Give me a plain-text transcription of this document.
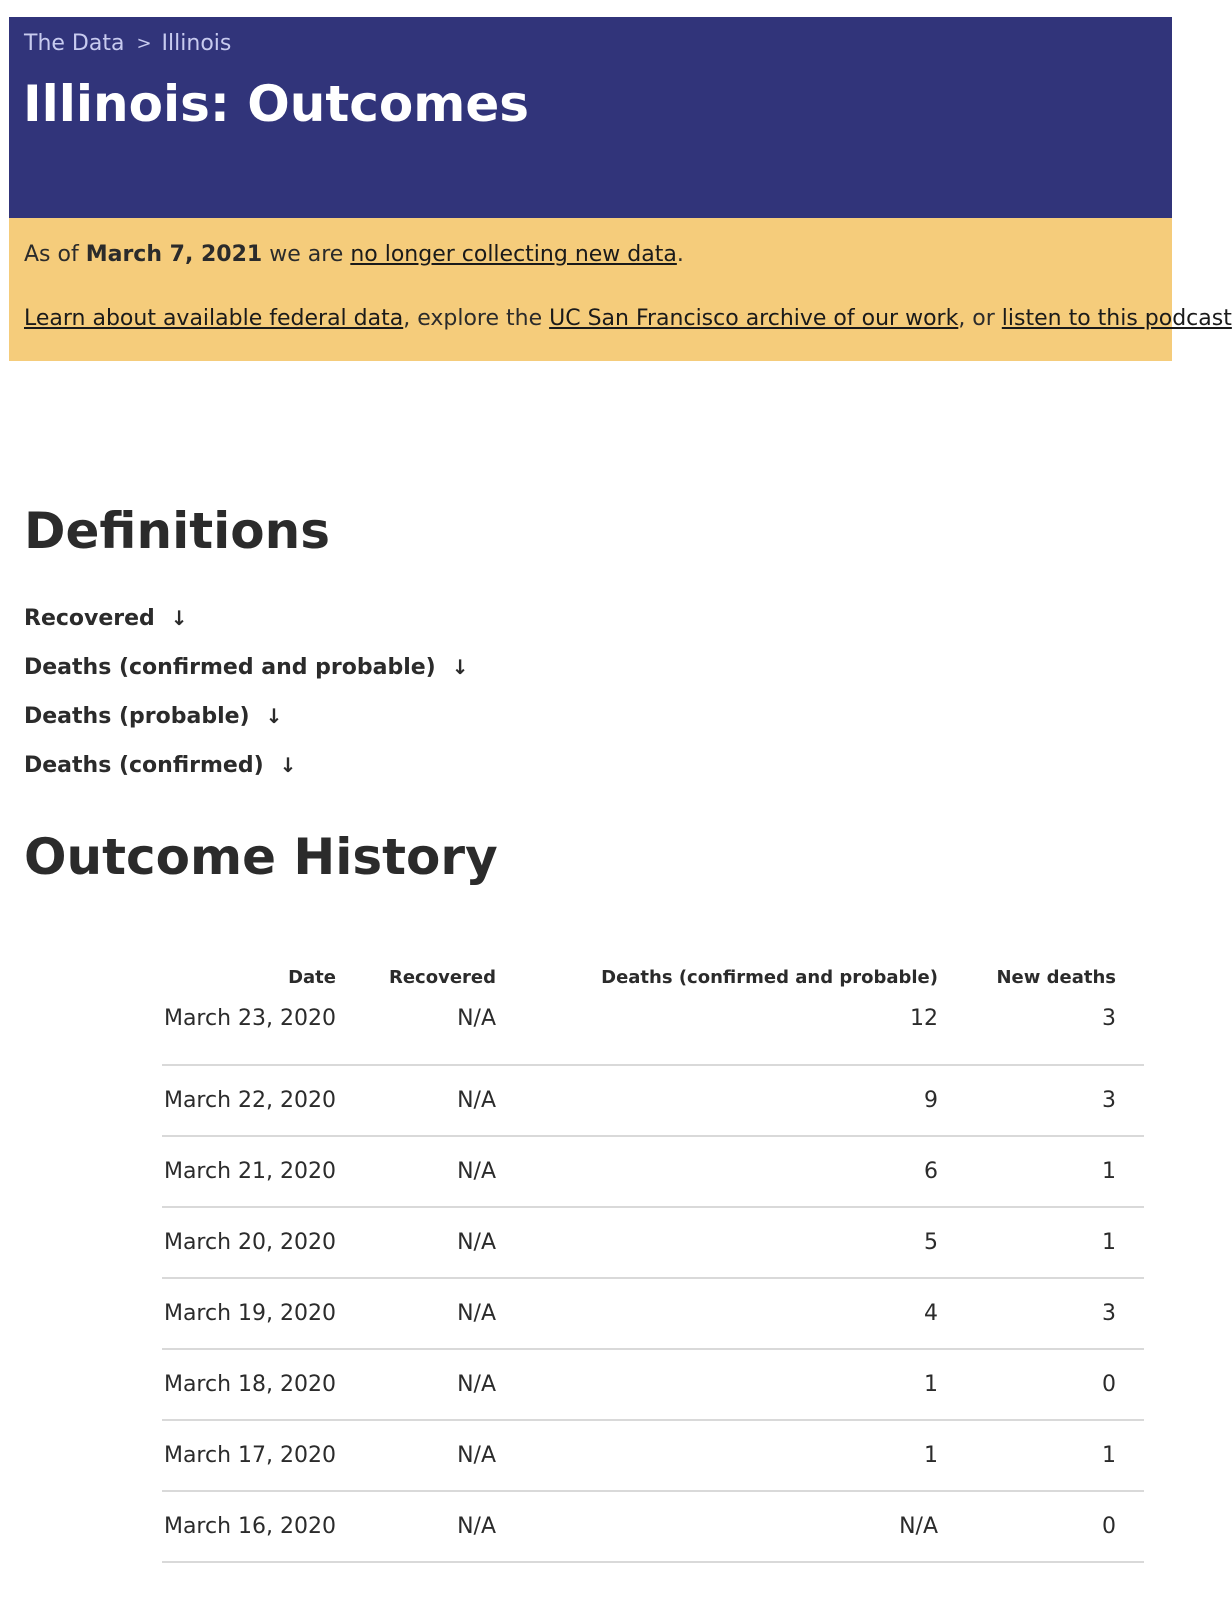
The Data > Illinois
Illinois: Outcomes
As of March 7, 2021 we are no longer collecting new data.
Learn about available federal data, explore the UC San Francisco archive of our work, or listen to this podcast
Definitions
Recovered ↓
Deaths (confirmed and probable) ↓
Deaths (probable) ↓
Deaths (confirmed) ↓
Outcome History
Date	Recovered	Deaths (confirmed and probable)	New deaths
March 23, 2020	N/A	12	3
March 22, 2020	N/A	9	3
March 21, 2020	N/A	6	1
March 20, 2020	N/A	5	1
March 19, 2020	N/A	4	3
March 18, 2020	N/A	1	0
March 17, 2020	N/A	1	1
March 16, 2020	N/A	N/A	0
